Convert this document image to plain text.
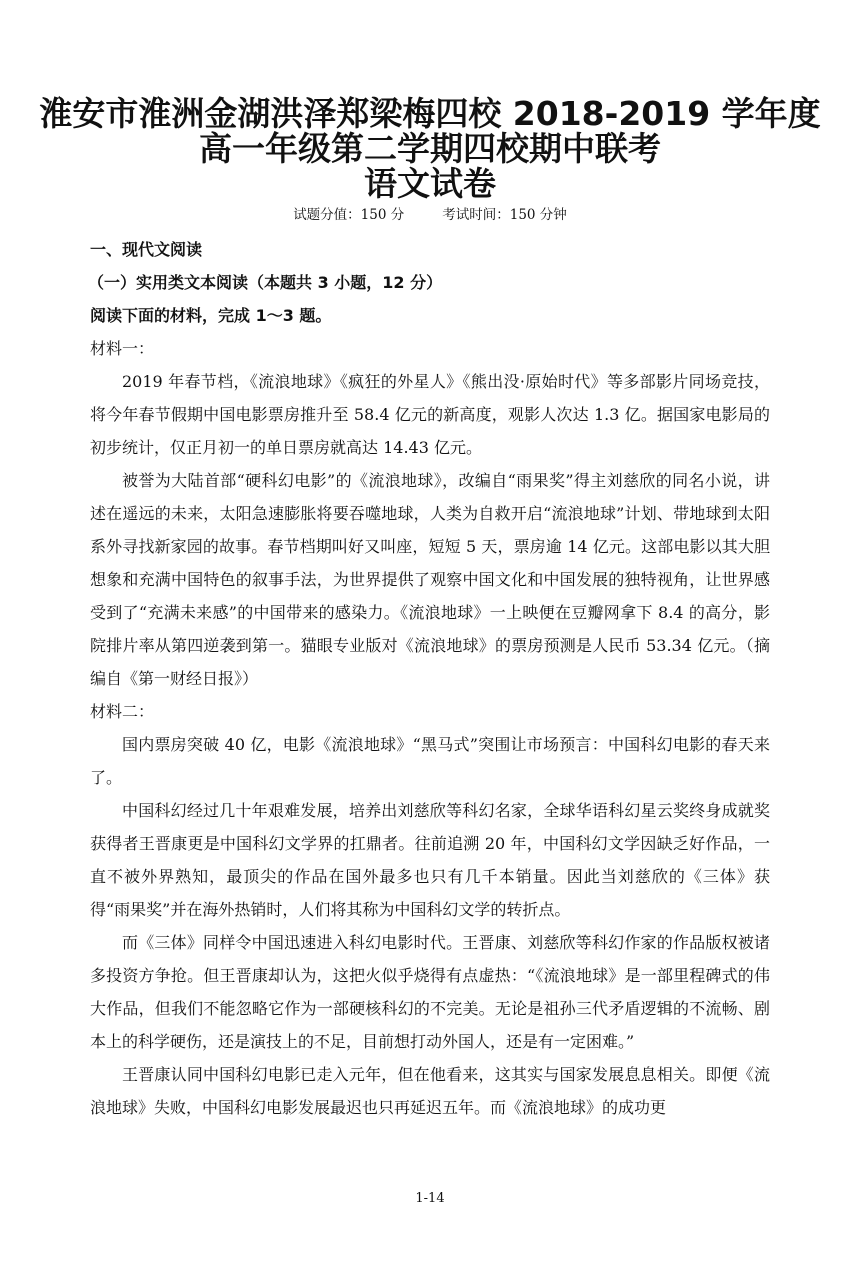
淮安市淮洲金湖洪泽郑梁梅四校 2018-2019 学年度
高一年级第二学期四校期中联考
语文试卷
试题分值：150 分	考试时间：150 分钟

一、现代文阅读

（一）实用类文本阅读（本题共 3 小题，12 分）

阅读下面的材料，完成 1～3 题。

材料一：

2019 年春节档，《流浪地球》《疯狂的外星人》《熊出没·原始时代》等多部影片同场竞技，将今年春节假期中国电影票房推升至 58.4 亿元的新高度，观影人次达 1.3 亿。据国家电影局的初步统计，仅正月初一的单日票房就高达 14.43 亿元。

被誉为大陆首部“硬科幻电影”的《流浪地球》，改编自“雨果奖”得主刘慈欣的同名小说，讲述在遥远的未来，太阳急速膨胀将要吞噬地球，人类为自救开启“流浪地球”计划、带地球到太阳系外寻找新家园的故事。春节档期叫好又叫座，短短 5 天，票房逾 14 亿元。这部电影以其大胆想象和充满中国特色的叙事手法，为世界提供了观察中国文化和中国发展的独特视角，让世界感受到了“充满未来感”的中国带来的感染力。《流浪地球》一上映便在豆瓣网拿下 8.4 的高分，影院排片率从第四逆袭到第一。猫眼专业版对《流浪地球》的票房预测是人民币 53.34 亿元。（摘编自《第一财经日报》）

材料二：

国内票房突破 40 亿，电影《流浪地球》“黑马式”突围让市场预言：中国科幻电影的春天来了。

中国科幻经过几十年艰难发展，培养出刘慈欣等科幻名家，全球华语科幻星云奖终身成就奖获得者王晋康更是中国科幻文学界的扛鼎者。往前追溯 20 年，中国科幻文学因缺乏好作品，一直不被外界熟知，最顶尖的作品在国外最多也只有几千本销量。因此当刘慈欣的《三体》获得“雨果奖”并在海外热销时，人们将其称为中国科幻文学的转折点。

而《三体》同样令中国迅速进入科幻电影时代。王晋康、刘慈欣等科幻作家的作品版权被诸多投资方争抢。但王晋康却认为，这把火似乎烧得有点虚热：“《流浪地球》是一部里程碑式的伟大作品，但我们不能忽略它作为一部硬核科幻的不完美。无论是祖孙三代矛盾逻辑的不流畅、剧本上的科学硬伤，还是演技上的不足，目前想打动外国人，还是有一定困难。”

王晋康认同中国科幻电影已走入元年，但在他看来，这其实与国家发展息息相关。即便《流浪地球》失败，中国科幻电影发展最迟也只再延迟五年。而《流浪地球》的成功更

1-14
